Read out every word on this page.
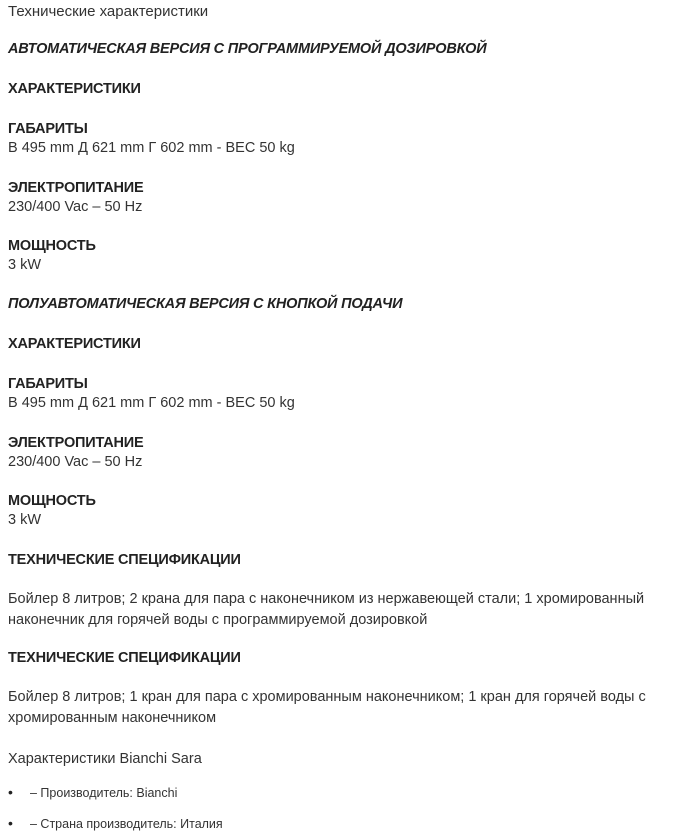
Технические характеристики
АВТОМАТИЧЕСКАЯ ВЕРСИЯ С ПРОГРАММИРУЕМОЙ ДОЗИРОВКОЙ
ХАРАКТЕРИСТИКИ
ГАБАРИТЫ
В 495 mm Д 621 mm Г 602 mm - ВЕС 50 kg
ЭЛЕКТРОПИТАНИЕ
230/400 Vac – 50 Hz
МОЩНОСТЬ
3 kW
ПОЛУАВТОМАТИЧЕСКАЯ ВЕРСИЯ С КНОПКОЙ ПОДАЧИ
ХАРАКТЕРИСТИКИ
ГАБАРИТЫ
В 495 mm Д 621 mm Г 602 mm - ВЕС 50 kg
ЭЛЕКТРОПИТАНИЕ
230/400 Vac – 50 Hz
МОЩНОСТЬ
3 kW
ТЕХНИЧЕСКИЕ СПЕЦИФИКАЦИИ
Бойлер 8 литров; 2 крана для пара с наконечником из нержавеющей стали; 1 хромированный наконечник для горячей воды с программируемой дозировкой
ТЕХНИЧЕСКИЕ СПЕЦИФИКАЦИИ
Бойлер 8 литров; 1 кран для пара с хромированным наконечником; 1 кран для горячей воды с хромированным наконечником
Характеристики Bianchi Sara
• – Производитель: Bianchi
• – Страна производитель: Италия
